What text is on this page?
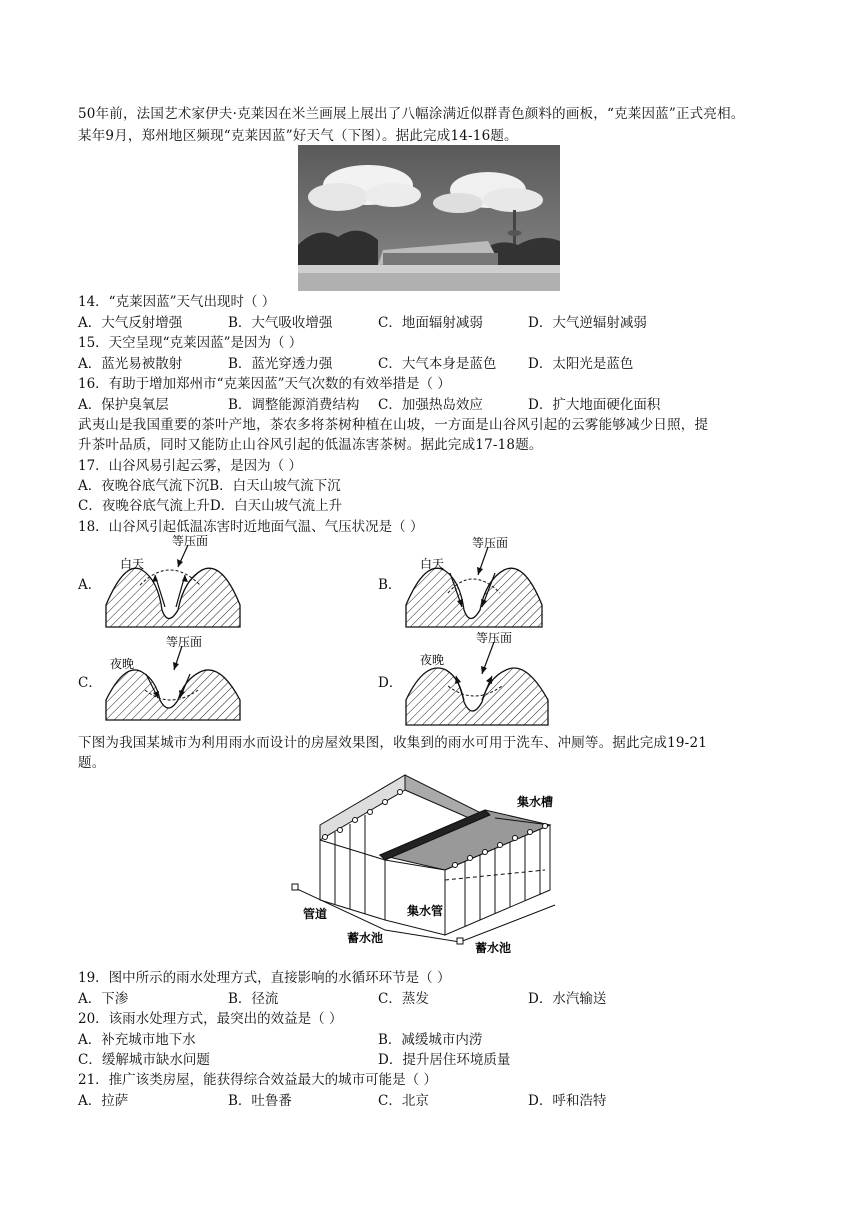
50年前，法国艺术家伊夫·克莱因在米兰画展上展出了八幅涂满近似群青色颜料的画板，“克莱因蓝”正式亮相。
某年9月，郑州地区频现“克莱因蓝”好天气（下图）。据此完成14-16题。
14．“克莱因蓝”天气出现时（ ）
A．大气反射增强	B．大气吸收增强	C．地面辐射减弱	D．大气逆辐射减弱
15．天空呈现“克莱因蓝”是因为（ ）
A．蓝光易被散射	B．蓝光穿透力强	C．大气本身是蓝色 D．太阳光是蓝色
16．有助于增加郑州市“克莱因蓝”天气次数的有效举措是（ ）
A．保护臭氧层	B．调整能源消费结构 C．加强热岛效应	D．扩大地面硬化面积
武夷山是我国重要的茶叶产地，茶农多将茶树种植在山坡，一方面是山谷风引起的云雾能够减少日照，提
升茶叶品质，同时又能防止山谷风引起的低温冻害茶树。据此完成17-18题。
17．山谷风易引起云雾，是因为（ ）
A．夜晚谷底气流下沉B．白天山坡气流下沉
C．夜晚谷底气流上升D．白天山坡气流上升
18．山谷风引起低温冻害时近地面气温、气压状况是（ ）
A．	B．
C．	D．
等压面
白天
等压面
白天
等压面
夜晚
等压面
夜晚
下图为我国某城市为利用雨水而设计的房屋效果图，收集到的雨水可用于洗车、冲厕等。据此完成19-21
题。
集水槽
集水管
管道
蓄水池
蓄水池
19．图中所示的雨水处理方式，直接影响的水循环环节是（ ）
A．下渗	B．径流	C．蒸发	D．水汽输送
20．该雨水处理方式，最突出的效益是（ ）
A．补充城市地下水	B．减缓城市内涝
C．缓解城市缺水问题	D．提升居住环境质量
21．推广该类房屋，能获得综合效益最大的城市可能是（ ）
A．拉萨	B．吐鲁番	C．北京	D．呼和浩特
